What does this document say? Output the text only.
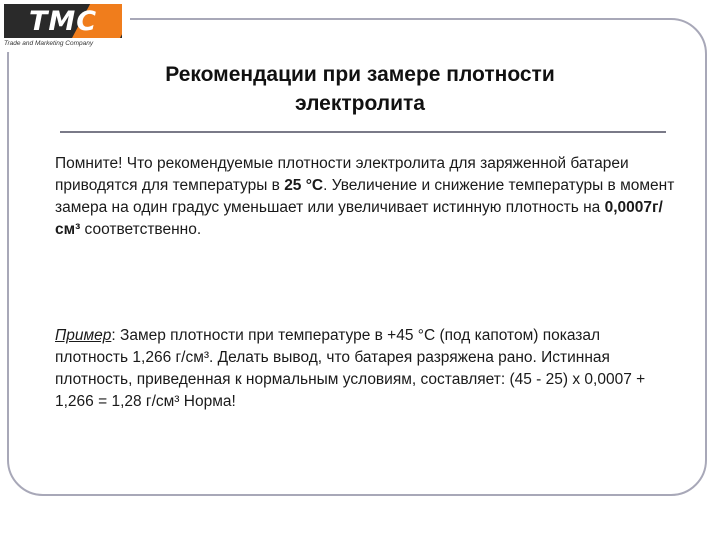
TMC
Trade and Marketing Company
Рекомендации при замере плотности
электролита
Помните! Что рекомендуемые плотности электролита для заряженной батареи приводятся для температуры в 25 °С. Увеличение и снижение температуры в момент замера на один градус уменьшает или увеличивает истинную плотность на 0,0007г/см³ соответственно.
Пример: Замер плотности при температуре в +45 °С (под капотом) показал плотность 1,266 г/см³. Делать вывод, что батарея разряжена рано. Истинная плотность, приведенная к нормальным условиям, составляет: (45 - 25) х 0,0007 + 1,266 = 1,28 г/см³ Норма!
